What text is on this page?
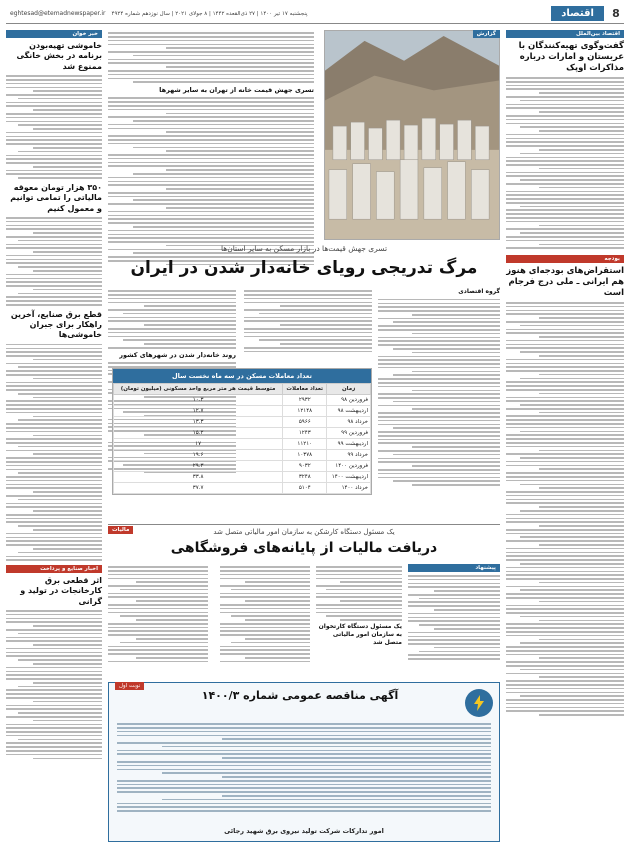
8
اقتصاد
پنجشنبه ۱۷ تیر ۱۴۰۰ | ۲۷ ذی‌القعده ۱۴۴۲ | ۸ جولای ۲۰۲۱ | سال نوزدهم شماره ۴۹۲۴
eghtesad@etemadnewspaper.ir
اقتصاد بین‌الملل
گفت‌وگوی تهیه‌کنندگان با عربستان و امارات درباره مذاکرات اوپک
بودجه
استقراض‌های بودجه‌ای هنوز هم ایرانی ـ ملی درج فرجام است
خبر خوان
خاموشی تهیه‌بودن برنامه در بخش خانگی ممنوع شد
۳۵۰ هزار تومان معوقه مالیاتی را تمامی توانیم و معمول کنیم
قطع برق صنایع، آخرین راهکار برای جبران خاموشی‌ها
اخبار صنایع و پرداخت
اثر قطعی برق کارخانجات در تولید و گرانی
گزارش
تسری جهش قیمت خانه از تهران به سایر شهرها
تسری جهش قیمت‌ها در بازار مسکن به سایر استان‌ها
مرگ تدریجی رویای خانه‌دار شدن در ایران
گروه اقتصادی
روند خانه‌دار شدن در شهرهای کشور
تعداد معاملات مسکن در سه ماه نخست سال
زمان	تعداد معاملات	متوسط قیمت هر متر مربع واحد مسکونی (میلیون تومان)
فروردین ۹۸	۲۹۳۲	۱۰.۳
اردیبهشت ۹۸	۱۲۱۴۸	۱۲.۷
خرداد ۹۸	۵۹۶۶	۱۳.۳
فروردین ۹۹	۱۲۴۳	۱۵.۲
اردیبهشت ۹۹	۱۱۲۱۰	۱۷
خرداد ۹۹	۱۰۳۷۸	۱۹.۶
فروردین ۱۴۰۰	۹۰۳۲	۲۹.۳
اردیبهشت ۱۴۰۰	۳۲۴۸	۳۳.۸
خرداد ۱۴۰۰	۵۱۰۴	۳۷.۷
مالیات	یک مسئول دستگاه کارشکن به سازمان امور مالیاتی متصل شد
دریافت مالیات از پایانه‌های فروشگاهی
پیشنهاد
یک مسئول دستگاه کارتخوان به سازمان امور مالیاتی متصل شد
نوبت اول
آگهی مناقصه عمومی شماره ۱۴۰۰/۳
امور تدارکات شرکت تولید نیروی برق شهید رجائی
